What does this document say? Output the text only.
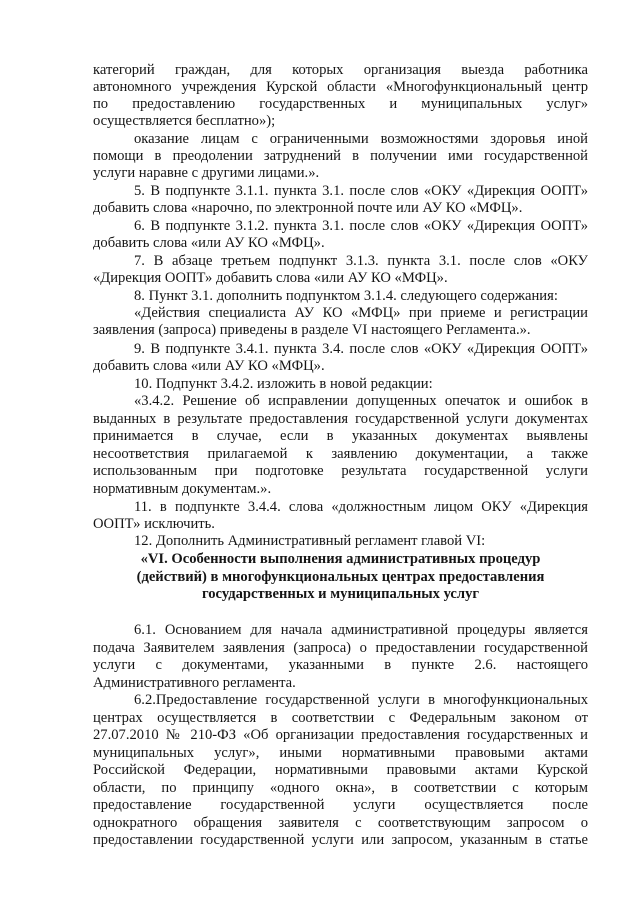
категорий граждан, для которых организация выезда работника
автономного учреждения Курской области «Многофункциональный центр
по предоставлению государственных и муниципальных услуг»
осуществляется бесплатно»);
оказание лицам с ограниченными возможностями здоровья иной
помощи в преодолении затруднений в получении ими государственной
услуги наравне с другими лицами.».
5. В подпункте 3.1.1. пункта 3.1. после слов «ОКУ «Дирекция ООПТ»
добавить слова «нарочно, по электронной почте или АУ КО «МФЦ».
6. В подпункте 3.1.2. пункта 3.1. после слов «ОКУ «Дирекция ООПТ»
добавить слова «или АУ КО «МФЦ».
7. В абзаце третьем подпункт 3.1.3. пункта 3.1. после слов «ОКУ
«Дирекция ООПТ» добавить слова «или АУ КО «МФЦ».
8. Пункт 3.1. дополнить подпунктом 3.1.4. следующего содержания:
«Действия специалиста АУ КО «МФЦ» при приеме и регистрации
заявления (запроса) приведены в разделе VI настоящего Регламента.».
9. В подпункте 3.4.1. пункта 3.4. после слов «ОКУ «Дирекция ООПТ»
добавить слова «или АУ КО «МФЦ».
10. Подпункт 3.4.2. изложить в новой редакции:
«3.4.2. Решение об исправлении допущенных опечаток и ошибок в
выданных в результате предоставления государственной услуги документах
принимается в случае, если в указанных документах выявлены
несоответствия прилагаемой к заявлению документации, а также
использованным при подготовке результата государственной услуги
нормативным документам.».
11. в подпункте 3.4.4. слова «должностным лицом ОКУ «Дирекция
ООПТ» исключить.
12. Дополнить Административный регламент главой VI:
«VI. Особенности выполнения административных процедур
(действий) в многофункциональных центрах предоставления
государственных и муниципальных услуг
6.1. Основанием для начала административной процедуры является
подача Заявителем заявления (запроса) о предоставлении государственной
услуги с документами, указанными в пункте 2.6. настоящего
Административного регламента.
6.2.Предоставление государственной услуги в многофункциональных
центрах осуществляется в соответствии с Федеральным законом от
27.07.2010 № 210-ФЗ «Об организации предоставления государственных и
муниципальных услуг», иными нормативными правовыми актами
Российской Федерации, нормативными правовыми актами Курской
области, по принципу «одного окна», в соответствии с которым
предоставление государственной услуги осуществляется после
однократного обращения заявителя с соответствующим запросом о
предоставлении государственной услуги или запросом, указанным в статье
